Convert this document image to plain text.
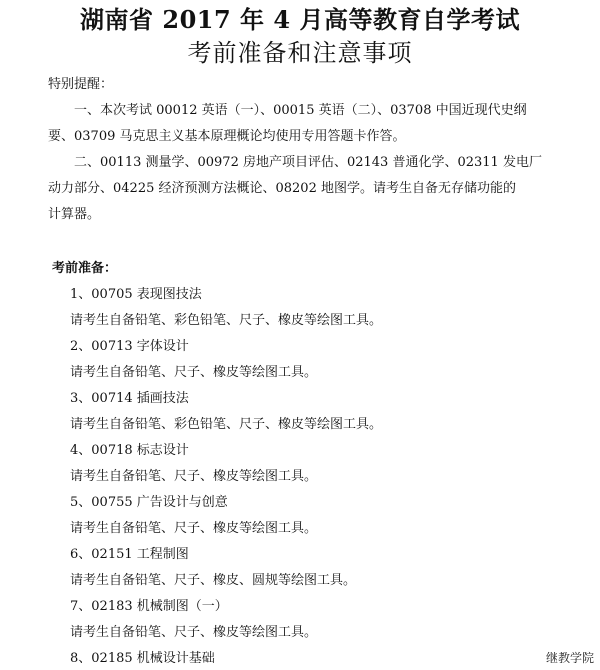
湖南省 2017 年 4 月高等教育自学考试
考前准备和注意事项
特别提醒：
一、本次考试 00012 英语（一）、00015 英语（二）、03708 中国近现代史纲
要、03709 马克思主义基本原理概论均使用专用答题卡作答。
二、00113 测量学、00972 房地产项目评估、02143 普通化学、02311 发电厂
动力部分、04225 经济预测方法概论、08202 地图学。请考生自备无存储功能的
计算器。
考前准备：
1、00705 表现图技法
请考生自备铅笔、彩色铅笔、尺子、橡皮等绘图工具。
2、00713 字体设计
请考生自备铅笔、尺子、橡皮等绘图工具。
3、00714 插画技法
请考生自备铅笔、彩色铅笔、尺子、橡皮等绘图工具。
4、00718 标志设计
请考生自备铅笔、尺子、橡皮等绘图工具。
5、00755 广告设计与创意
请考生自备铅笔、尺子、橡皮等绘图工具。
6、02151 工程制图
请考生自备铅笔、尺子、橡皮、圆规等绘图工具。
7、02183 机械制图（一）
请考生自备铅笔、尺子、橡皮等绘图工具。
8、02185 机械设计基础	继教学院
